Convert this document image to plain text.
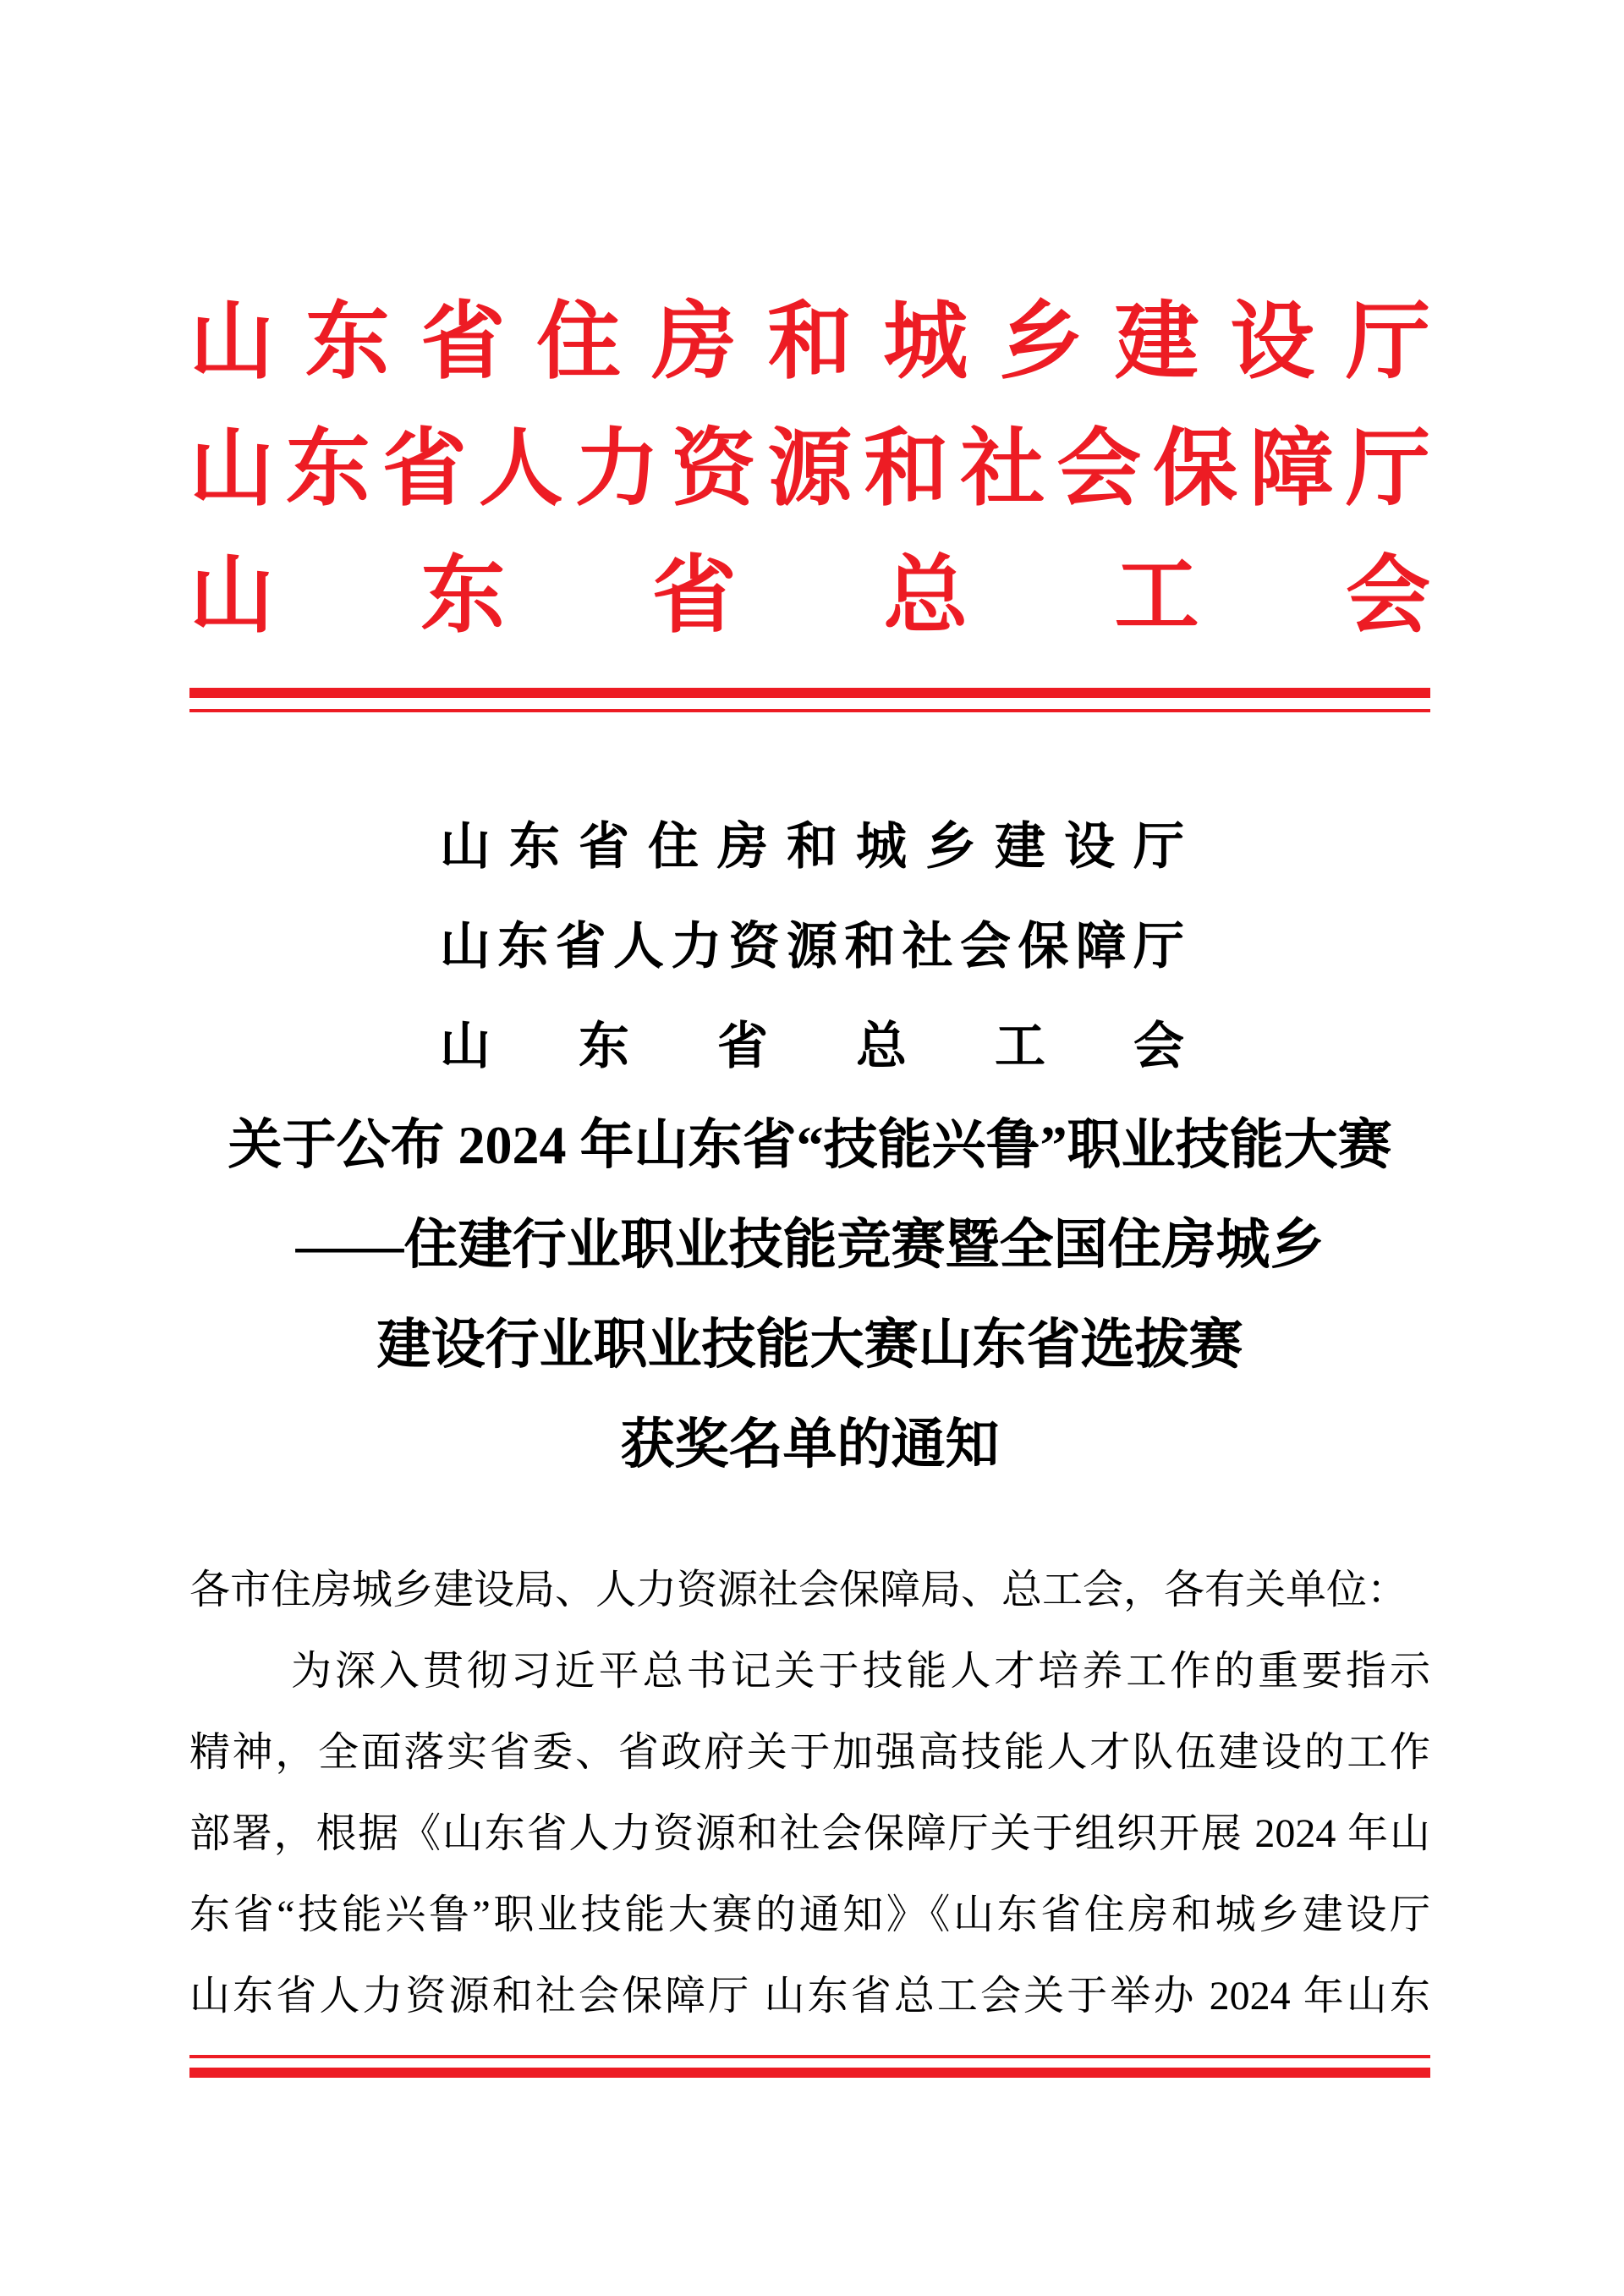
山东省住房和城乡建设厅
山东省人力资源和社会保障厅
山东省总工会
山东省住房和城乡建设厅
山东省人力资源和社会保障厅
山东省总工会
关于公布 2024 年山东省“技能兴鲁”职业技能大赛
——住建行业职业技能竞赛暨全国住房城乡
建设行业职业技能大赛山东省选拔赛
获奖名单的通知
各市住房城乡建设局、人力资源社会保障局、总工会，各有关单位：
为深入贯彻习近平总书记关于技能人才培养工作的重要指示
精神，全面落实省委、省政府关于加强高技能人才队伍建设的工作
部署，根据《山东省人力资源和社会保障厅关于组织开展 2024 年山
东省“技能兴鲁”职业技能大赛的通知》《山东省住房和城乡建设厅
山东省人力资源和社会保障厅 山东省总工会关于举办 2024 年山东
